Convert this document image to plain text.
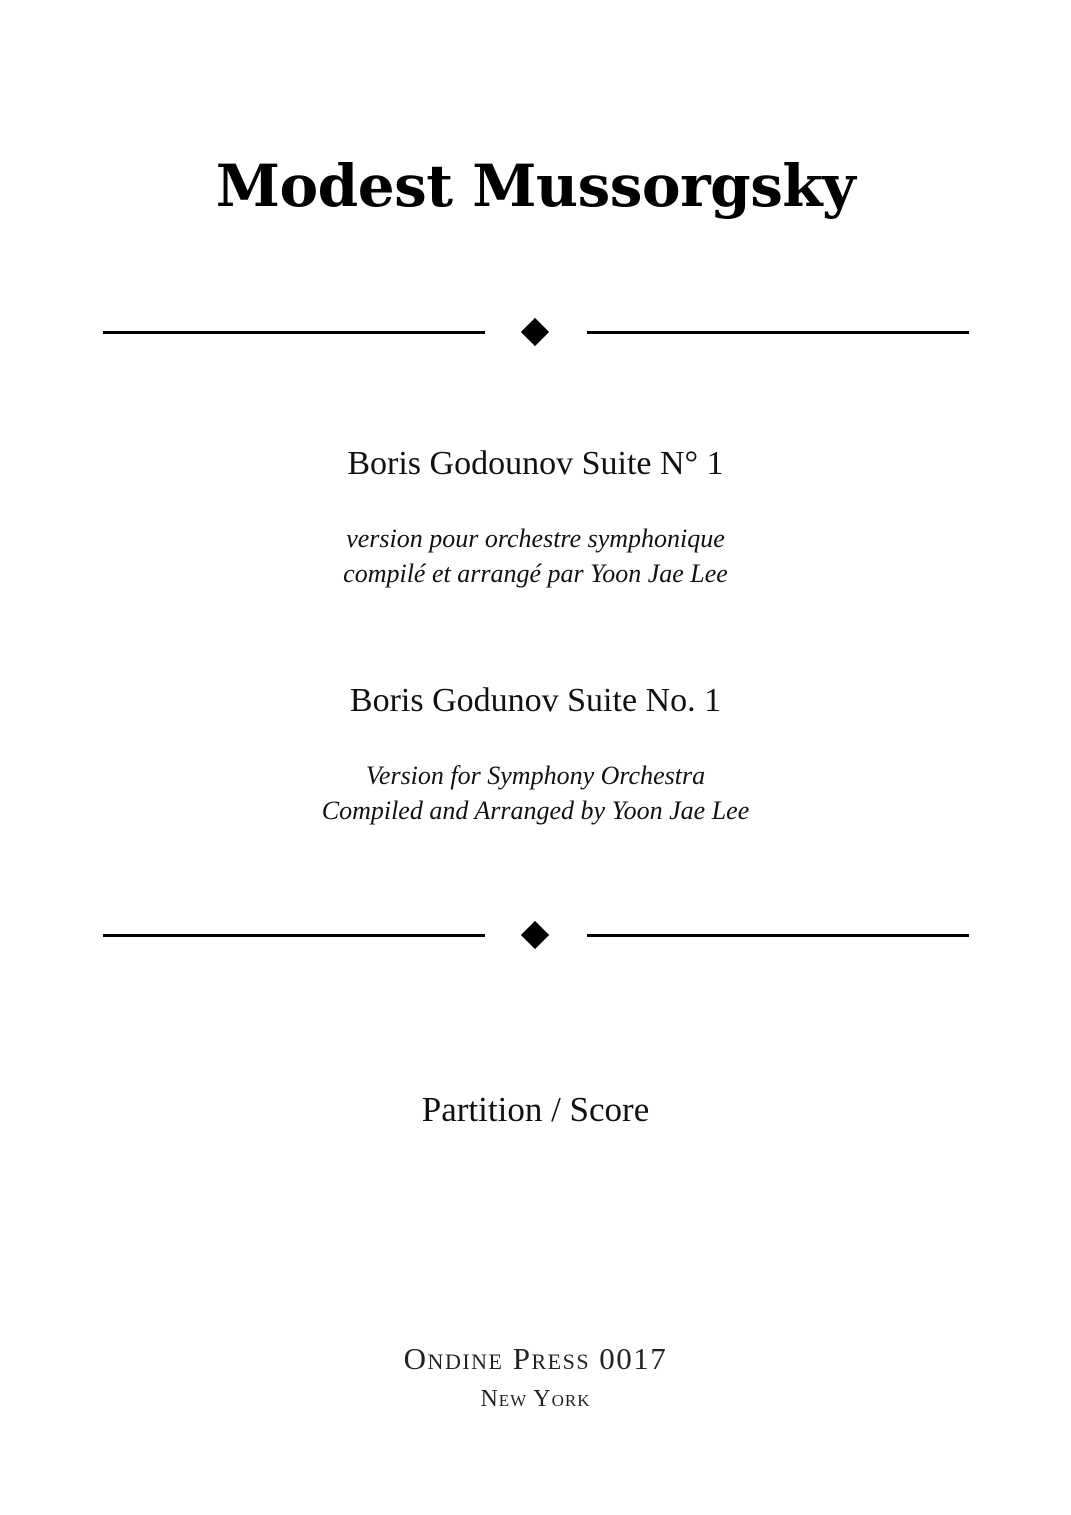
Modest Mussorgsky
Boris Godounov Suite N° 1
version pour orchestre symphonique
compilé et arrangé par Yoon Jae Lee
Boris Godunov Suite No. 1
Version for Symphony Orchestra
Compiled and Arranged by Yoon Jae Lee
Partition / Score
Ondine Press 0017
New York
